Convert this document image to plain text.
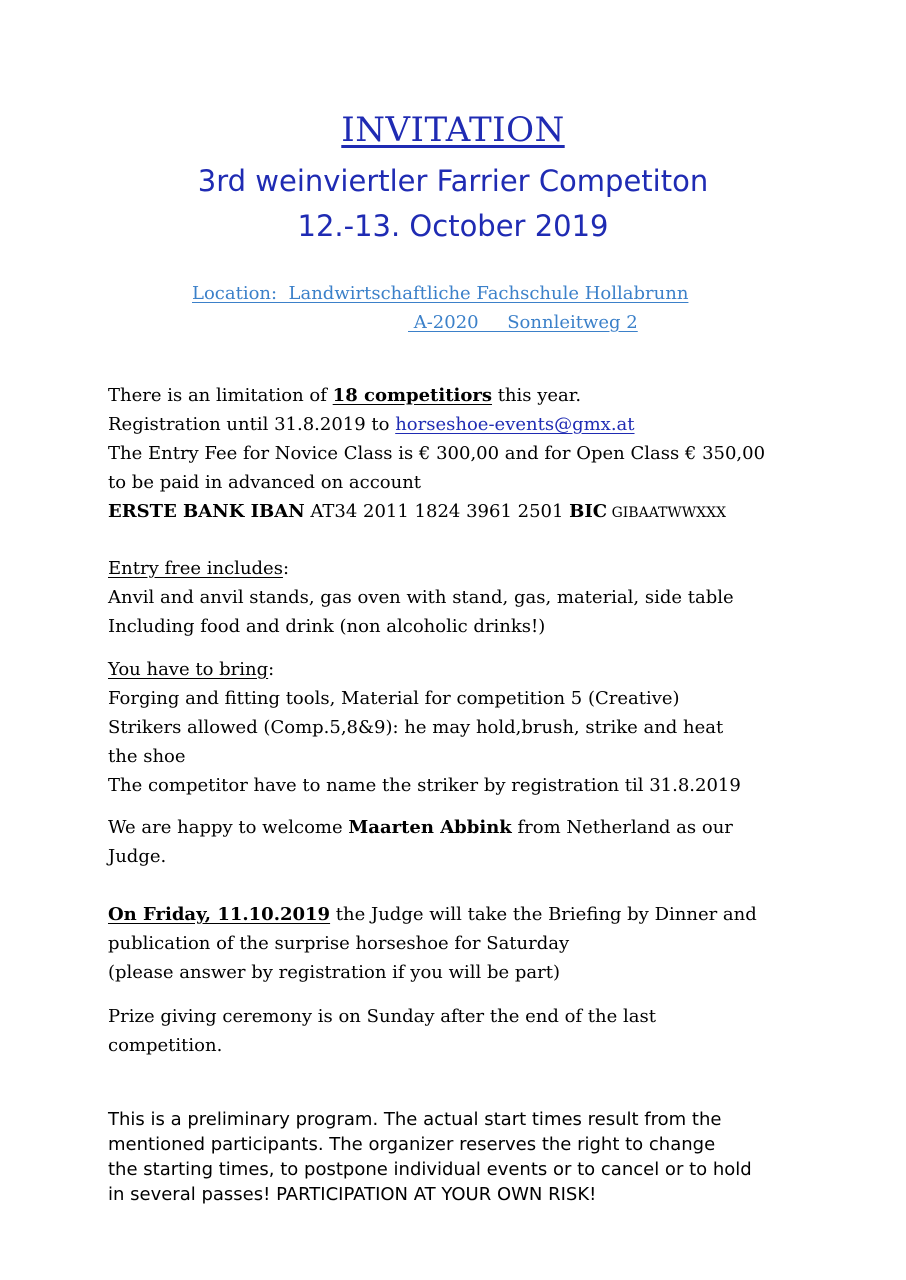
INVITATION
3rd weinviertler Farrier Competiton
12.-13. October 2019
Location:  Landwirtschaftliche Fachschule Hollabrunn
A-2020     Sonnleitweg 2

There is an limitation of 18 competitiors this year.

Registration until 31.8.2019 to horseshoe-events@gmx.at

The Entry Fee for Novice Class is € 300,00 and for Open Class € 350,00

to be paid in advanced on account

ERSTE BANK IBAN AT34 2011 1824 3961 2501 BIC GIBAATWWXXX

Entry free includes:

Anvil and anvil stands, gas oven with stand, gas, material, side table

Including food and drink (non alcoholic drinks!)

You have to bring:

Forging and fitting tools, Material for competition 5 (Creative)

Strikers allowed (Comp.5,8&9): he may hold,brush, strike and heat

the shoe

The competitor have to name the striker by registration til 31.8.2019

We are happy to welcome Maarten Abbink from Netherland as our

Judge.

On Friday, 11.10.2019 the Judge will take the Briefing by Dinner and

publication of the surprise horseshoe for Saturday

(please answer by registration if you will be part)

Prize giving ceremony is on Sunday after the end of the last

competition.

This is a preliminary program. The actual start times result from the

mentioned participants. The organizer reserves the right to change

the starting times, to postpone individual events or to cancel or to hold

in several passes! PARTICIPATION AT YOUR OWN RISK!
